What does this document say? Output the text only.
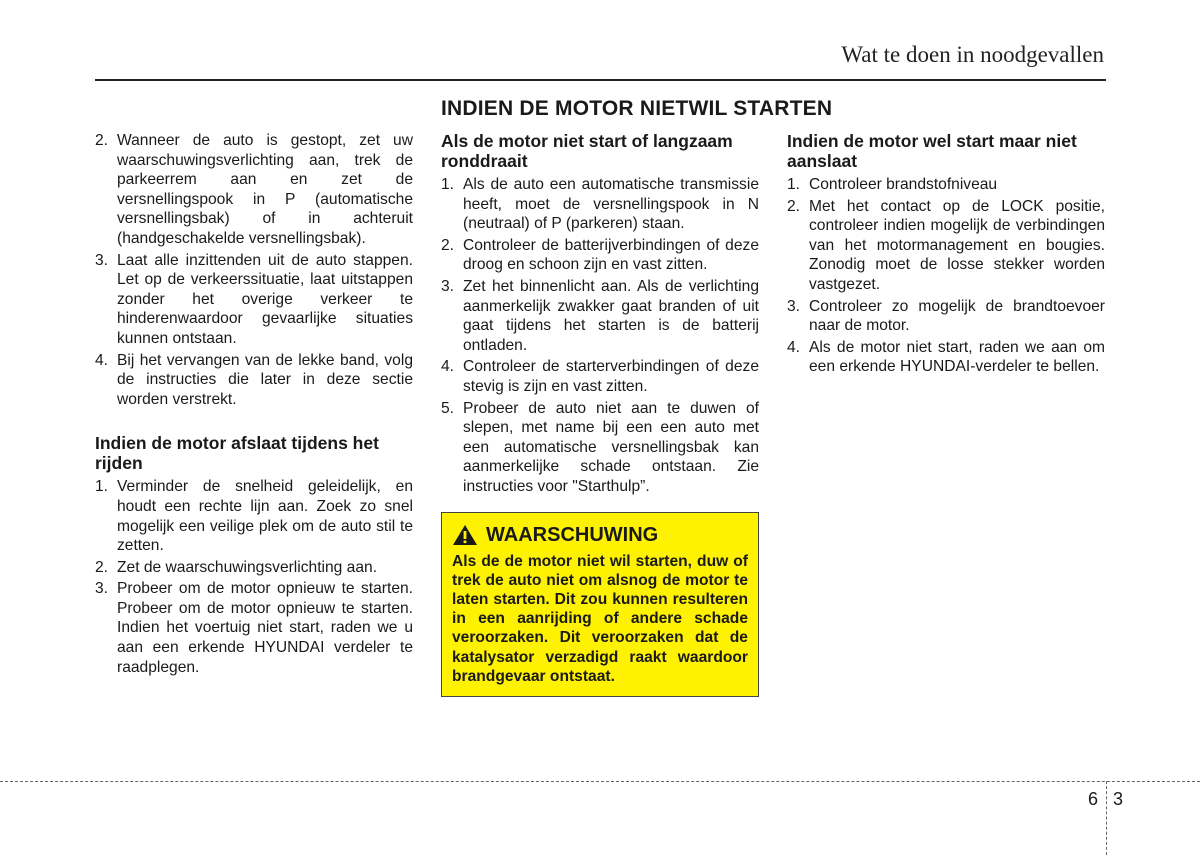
Wat te doen in noodgevallen
INDIEN DE MOTOR NIETWIL STARTEN
2. Wanneer de auto is gestopt, zet uw waarschuwingsverlichting aan, trek de parkeerrem aan en zet de versnellingspook in P (automatische versnellingsbak) of in achteruit (handgeschakelde versnellingsbak).
3. Laat alle inzittenden uit de auto stappen. Let op de verkeerssituatie, laat uitstappen zonder het overige verkeer te hinderenwaardoor gevaarlijke situaties kunnen ontstaan.
4. Bij het vervangen van de lekke band, volg de instructies die later in deze sectie worden verstrekt.
Indien de motor afslaat tijdens het rijden
1. Verminder de snelheid geleidelijk, en houdt een rechte lijn aan. Zoek zo snel mogelijk een veilige plek om de auto stil te zetten.
2. Zet de waarschuwingsverlichting aan.
3. Probeer om de motor opnieuw te starten. Probeer om de motor opnieuw te starten. Indien het voertuig niet start, raden we u aan een erkende HYUNDAI verdeler te raadplegen.
Als de motor niet start of langzaam ronddraait
1. Als de auto een automatische transmissie heeft, moet de versnellingspook in N (neutraal) of P (parkeren) staan.
2. Controleer de batterijverbindingen of deze droog en schoon zijn en vast zitten.
3. Zet het binnenlicht aan. Als de verlichting aanmerkelijk zwakker gaat branden of uit gaat tijdens het starten is de batterij ontladen.
4. Controleer de starterverbindingen of deze stevig is zijn en vast zitten.
5. Probeer de auto niet aan te duwen of slepen, met name bij een een auto met een automatische versnellingsbak kan aanmerkelijke schade ontstaan. Zie instructies voor "Starthulp”.
WAARSCHUWING
Als de de motor niet wil starten, duw of trek de auto niet om alsnog de motor te laten starten. Dit zou kunnen resulteren in een aanrijding of andere schade veroorzaken. Dit veroorzaken dat de katalysator verzadigd raakt waardoor brandgevaar ontstaat.
Indien de motor wel start maar niet aanslaat
1. Controleer brandstofniveau
2. Met het contact op de LOCK positie, controleer indien mogelijk de verbindingen van het motormanagement en bougies. Zonodig moet de losse stekker worden vastgezet.
3. Controleer zo mogelijk de brandtoevoer naar de motor.
4. Als de motor niet start, raden we aan om een erkende HYUNDAI-verdeler te bellen.
6 3
